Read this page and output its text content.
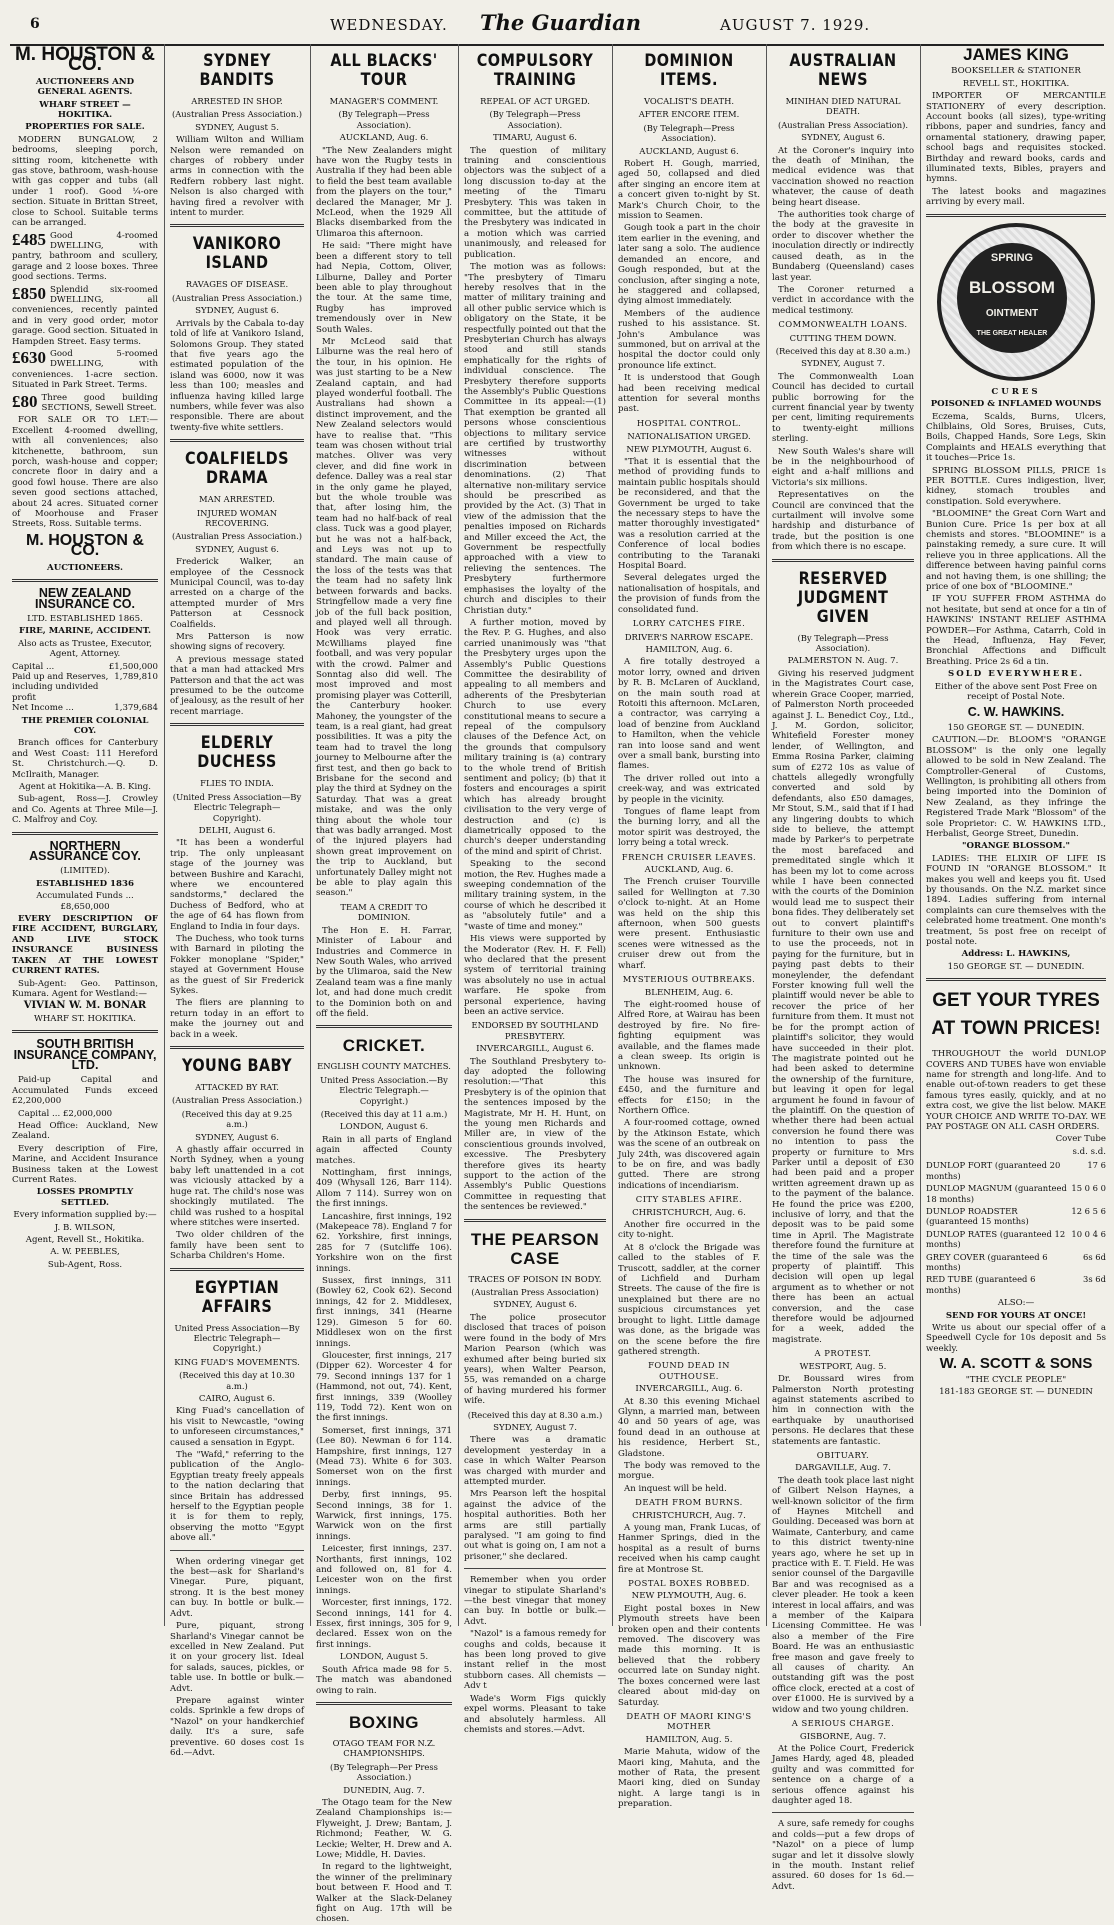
6	WEDNESDAY. The Guardian	AUGUST 7. 1929.
M. HOUSTON & CO.
AUCTIONEERS AND GENERAL AGENTS.
WHARF STREET — HOKITIKA.
PROPERTIES FOR SALE.

MODERN BUNGALOW, 2 bedrooms, sleeping porch, sitting room, kitchenette with gas stove, bathroom, wash-house with gas copper and tubs (all under 1 roof). Good ¼-ore section. Situate in Brittan Street, close to School. Suitable terms can be arranged.

£485 Good 4-roomed DWELLING, with pantry, bathroom and scullery, garage and 2 loose boxes. Three good sections. Terms.
£850 Splendid six-roomed DWELLING, all conveniences, recently painted and in very good order, motor garage. Good section. Situated in Hampden Street. Easy terms.
£630 Good 5-roomed DWELLING, with conveniences. 1-acre section. Situated in Park Street. Terms.
£80 Three good building SECTIONS, Sewell Street.

FOR SALE OR TO LET:—Excellent 4-roomed dwelling, with all conveniences; also kitchenette, bathroom, sun porch, wash-house and copper; concrete floor in dairy and a good fowl house. There are also seven good sections attached, about 24 acres. Situated corner of Moorhouse and Fraser Streets, Ross. Suitable terms.

M. HOUSTON & CO.
AUCTIONEERS.
NEW ZEALAND INSURANCE CO.
LTD. ESTABLISHED 1865.
FIRE, MARINE, ACCIDENT.
Also acts as Trustee, Executor, Agent, Attorney.
Capital ...	£1,500,000
Paid up and Reserves, including undivided profit
1,789,810
Net Income ...	1,379,684
THE PREMIER COLONIAL COY.

Branch offices for Canterbury and West Coast: 111 Hereford St. Christchurch.—Q. D. McIlraith, Manager.

Agent at Hokitika—A. B. King.

Sub-agent, Ross—J. Crowley and Co. Agents at Three Mile—J. C. Malfroy and Coy.

NORTHERN ASSURANCE COY.
(LIMITED).
ESTABLISHED 1836
Accumulated Funds ... £8,650,000

EVERY DESCRIPTION OF FIRE ACCIDENT, BURGLARY, AND LIVE STOCK INSURANCE BUSINESS TAKEN AT THE LOWEST CURRENT RATES.

Sub-Agent: Geo. Pattinson, Kumara. Agent for Westland:—

VIVIAN W. M. BONAR
WHARF ST. HOKITIKA.
SOUTH BRITISH INSURANCE COMPANY, LTD.

Paid-up Capital and Accumulated Funds exceed £2,200,000

Capital ... £2,000,000

Head Office: Auckland, New Zealand.

Every description of Fire, Marine, and Accident Insurance Business taken at the Lowest Current Rates.

LOSSES PROMPTLY SETTLED.
Every information supplied by:—
J. B. WILSON,
Agent, Revell St., Hokitika.
A. W. PEEBLES,
Sub-Agent, Ross.
SYDNEY BANDITS
ARRESTED IN SHOP.
(Australian Press Association.)
SYDNEY, August 5.

William Wilton and William Nelson were remanded on charges of robbery under arms in connection with the Redfern robbery last night. Nelson is also charged with having fired a revolver with intent to murder.

VANIKORO ISLAND
RAVAGES OF DISEASE.
(Australian Press Association.)
SYDNEY, August 6.

Arrivals by the Cabala to-day told of life at Vanikoro Island, Solomons Group. They stated that five years ago the estimated population of the island was 6000, now it was less than 100; measles and influenza having killed large numbers, while fever was also responsible. There are about twenty-five white settlers.

COALFIELDS DRAMA
MAN ARRESTED.
INJURED WOMAN RECOVERING.
(Australian Press Association.)
SYDNEY, August 6.

Frederick Walker, an employee of the Cessnock Municipal Council, was to-day arrested on a charge of the attempted murder of Mrs Patterson at Cessnock Coalfields.

Mrs Patterson is now showing signs of recovery.

A previous message stated that a man had attacked Mrs Patterson and that the act was presumed to be the outcome of jealousy, as the result of her recent marriage.

ELDERLY DUCHESS
FLIES TO INDIA.
(United Press Association—By Electric Telegraph—Copyright).
DELHI, August 6.

"It has been a wonderful trip. The only unpleasant stage of the journey was between Bushire and Karachi, where we encountered sandstorms," declared the Duchess of Bedford, who at the age of 64 has flown from England to India in four days.

The Duchess, who took turns with Barnard in piloting the Fokker monoplane "Spider," stayed at Government House as the guest of Sir Frederick Sykes.

The fliers are planning to return today in an effort to make the journey out and back in a week.

YOUNG BABY
ATTACKED BY RAT.
(Australian Press Association.)
(Received this day at 9.25 a.m.)
SYDNEY, August 6.

A ghastly affair occurred in North Sydney, when a young baby left unattended in a cot was viciously attacked by a huge rat. The child's nose was shockingly mutilated. The child was rushed to a hospital where stitches were inserted.

Two older children of the family have been sent to Scharba Children's Home.

EGYPTIAN AFFAIRS
United Press Association—By Electric Telegraph—Copyright.)
KING FUAD'S MOVEMENTS.
(Received this day at 10.30 a.m.)
CAIRO, August 6.

King Fuad's cancellation of his visit to Newcastle, "owing to unforeseen circumstances," caused a sensation in Egypt.

The "Wafd," referring to the publication of the Anglo-Egyptian treaty freely appeals to the nation declaring that since Britain has addressed herself to the Egyptian people it is for them to reply, observing the motto "Egypt above all."

When ordering vinegar get the best—ask for Sharland's Vinegar. Pure, piquant, strong. It is the best money can buy. In bottle or bulk.—Advt.

Pure, piquant, strong Sharland's Vinegar cannot be excelled in New Zealand. Put it on your grocery list. Ideal for salads, sauces, pickles, or table use. In bottle or bulk.—Advt.

Prepare against winter colds. Sprinkle a few drops of "Nazol" on your handkerchief daily. It's a sure, safe preventive. 60 doses cost 1s 6d.—Advt.

ALL BLACKS' TOUR
MANAGER'S COMMENT.
(By Telegraph—Press Association).
AUCKLAND, Aug. 6.

"The New Zealanders might have won the Rugby tests in Australia if they had been able to field the best team available from the players on the tour," declared the Manager, Mr J. McLeod, when the 1929 All Blacks disembarked from the Ulimaroa this afternoon.

He said: "There might have been a different story to tell had Nepia, Cottom, Oliver, Lilburne, Dalley and Porter been able to play throughout the tour. At the same time, Rugby has improved tremendously over in New South Wales.

Mr McLeod said that Lilburne was the real hero of the tour, in his opinion. He was just starting to be a New Zealand captain, and had played wonderful football. The Australians had shown a distinct improvement, and the New Zealand selectors would have to realise that. "This team was chosen without trial matches. Oliver was very clever, and did fine work in defence. Dalley was a real star in the only game he played, but the whole trouble was that, after losing him, the team had no half-back of real class. Tuck was a good player, but he was not a half-back, and Leys was not up to standard. The main cause of the loss of the tests was that the team had no safety link between forwards and backs. Stringfellow made a very fine job of the full back position, and played well all through. Hook was very erratic. McWilliams played fine football, and was very popular with the crowd. Palmer and Sonntag also did well. The most improved and most promising player was Cotterill, the Canterbury hooker. Mahoney, the youngster of the team, is a real giant, had great possibilities. It was a pity the team had to travel the long journey to Melbourne after the first test, and then go back to Brisbane for the second and play the third at Sydney on the Saturday. That was a great mistake, and was the only thing about the whole tour that was badly arranged. Most of the injured players had shown great improvement on the trip to Auckland, but unfortunately Dalley might not be able to play again this season."

TEAM A CREDIT TO DOMINION.

The Hon E. H. Farrar, Minister of Labour and Industries and Commerce in New South Wales, who arrived by the Ulimaroa, said the New Zealand team was a fine manly lot, and had done much credit to the Dominion both on and off the field.

CRICKET.
ENGLISH COUNTY MATCHES.
United Press Association.—By Electric Telegraph.—Copyright.)
(Received this day at 11 a.m.)
LONDON, August 6.

Rain in all parts of England again affected County matches.

Nottingham, first innings, 409 (Whysall 126, Barr 114). Allom 7 114). Surrey won on the first innings.

Lancashire, first innings, 192 (Makepeace 78). England 7 for 62. Yorkshire, first innings, 285 for 7 (Sutcliffe 106). Yorkshire won on the first innings.

Sussex, first innings, 311 (Bowley 62, Cook 62). Second innings, 42 for 2. Middlesex, first innings, 341 (Hearne 129). Gimeson 5 for 60. Middlesex won on the first innings.

Gloucester, first innings, 217 (Dipper 62). Worcester 4 for 79. Second innings 137 for 1 (Hammond, not out, 74). Kent, first innings, 339 (Woolley 119, Todd 72). Kent won on the first innings.

Somerset, first innings, 371 (Lee 80). Newman 6 for 114. Hampshire, first innings, 127 (Mead 73). White 6 for 303. Somerset won on the first innings.

Derby, first innings, 95. Second innings, 38 for 1. Warwick, first innings, 175. Warwick won on the first innings.

Leicester, first innings, 237. Northants, first innings, 102 and followed on, 81 for 4. Leicester won on the first innings.

Worcester, first innings, 172. Second innings, 141 for 4. Essex, first innings, 305 for 9, declared. Essex won on the first innings.

LONDON, August 5.

South Africa made 98 for 5. The match was abandoned owing to rain.

BOXING
OTAGO TEAM FOR N.Z. CHAMPIONSHIPS.
(By Telegraph—Per Press Association.)
DUNEDIN, Aug. 7.

The Otago team for the New Zealand Championships is:—Flyweight, J. Drew; Bantam, J. Richmond; Feather, W. G. Leckie; Welter, H. Drew and A. Lowe; Middle, H. Davies.

In regard to the lightweight, the winner of the preliminary bout between F. Hood and T. Walker at the Slack-Delaney fight on Aug. 17th will be chosen.

COMPULSORY TRAINING
REPEAL OF ACT URGED.
(By Telegraph—Press Association).
TIMARU, August 6.

The question of military training and conscientious objectors was the subject of a long discussion to-day at the meeting of the Timaru Presbytery. This was taken in committee, but the attitude of the Presbytery was indicated in a motion which was carried unanimously, and released for publication.

The motion was as follows: "The presbytery of Timaru hereby resolves that in the matter of military training and all other public service which is obligatory on the State, it be respectfully pointed out that the Presbyterian Church has always stood and still stands emphatically for the rights of individual conscience. The Presbytery therefore supports the Assembly's Public Questions Committee in its appeal:—(1) That exemption be granted all persons whose conscientious objections to military service are certified by trustworthy witnesses without discrimination between denominations. (2) That alternative non-military service should be prescribed as provided by the Act. (3) That in view of the admission that the penalties imposed on Richards and Miller exceed the Act, the Government be respectfully approached with a view to relieving the sentences. The Presbytery furthermore emphasises the loyalty of the church and disciples to their Christian duty."

A further motion, moved by the Rev. P. G. Hughes, and also carried unanimously was "that the Presbytery urges upon the Assembly's Public Questions Committee the desirability of appealing to all members and adherents of the Presbyterian Church to use every constitutional means to secure a repeal of the compulsory clauses of the Defence Act, on the grounds that compulsory military training is (a) contrary to the whole trend of British sentiment and policy; (b) that it fosters and encourages a spirit which has already brought civilisation to the very verge of destruction and (c) is diametrically opposed to the church's deeper understanding of the mind and spirit of Christ.

Speaking to the second motion, the Rev. Hughes made a sweeping condemnation of the military training system, in the course of which he described it as "absolutely futile" and a "waste of time and money."

His views were supported by the Moderator (Rev. H. F. Fell) who declared that the present system of territorial training was absolutely no use in actual warfare. He spoke from personal experience, having been an active service.

ENDORSED BY SOUTHLAND PRESBYTERY.
INVERCARGILL, August 6.

The Southland Presbytery to-day adopted the following resolution:—"That this Presbytery is of the opinion that the sentences imposed by the Magistrate, Mr H. H. Hunt, on the young men Richards and Miller are, in view of the conscientious grounds involved, excessive. The Presbytery therefore gives its hearty support to the action of the Assembly's Public Questions Committee in requesting that the sentences be reviewed."

THE PEARSON CASE
TRACES OF POISON IN BODY.
(Australian Press Association)
SYDNEY, August 6.

The police prosecutor disclosed that traces of poison were found in the body of Mrs Marion Pearson (which was exhumed after being buried six years), when Walter Pearson, 55, was remanded on a charge of having murdered his former wife.

(Received this day at 8.30 a.m.)
SYDNEY, August 7.

There was a dramatic development yesterday in a case in which Walter Pearson was charged with murder and attempted murder.

Mrs Pearson left the hospital against the advice of the hospital authorities. Both her arms are still partially paralysed. "I am going to find out what is going on, I am not a prisoner," she declared.

Remember when you order vinegar to stipulate Sharland's—the best vinegar that money can buy. In bottle or bulk.—Advt.

"Nazol" is a famous remedy for coughs and colds, because it has been long proved to give instant relief in the most stubborn cases. All chemists —Adv t

Wade's Worm Figs quickly expel worms. Pleasant to take and absolutely harmless. All chemists and stores.—Advt.

DOMINION ITEMS.
VOCALIST'S DEATH.
AFTER ENCORE ITEM.
(By Telegraph—Press Association).
AUCKLAND, August 6.

Robert H. Gough, married, aged 50, collapsed and died after singing an encore item at a concert given to-night by St. Mark's Church Choir, to the mission to Seamen.

Gough took a part in the choir item earlier in the evening, and later sang a solo. The audience demanded an encore, and Gough responded, but at the conclusion, after singing a note, he staggered and collapsed, dying almost immediately.

Members of the audience rushed to his assistance. St. John's Ambulance was summoned, but on arrival at the hospital the doctor could only pronounce life extinct.

It is understood that Gough had been receiving medical attention for several months past.

HOSPITAL CONTROL.
NATIONALISATION URGED.
NEW PLYMOUTH, August 6.

"That it is essential that the method of providing funds to maintain public hospitals should be reconsidered, and that the Government be urged to take the necessary steps to have the matter thoroughly investigated" was a resolution carried at the Conference of local bodies contributing to the Taranaki Hospital Board.

Several delegates urged the nationalisation of hospitals, and the provision of funds from the consolidated fund.

LORRY CATCHES FIRE.
DRIVER'S NARROW ESCAPE.
HAMILTON, Aug. 6.

A fire totally destroyed a motor lorry, owned and driven by R. B. McLaren of Auckland, on the main south road at Rotoiti this afternoon. McLaren, a contractor, was carrying a load of benzine from Auckland to Hamilton, when the vehicle ran into loose sand and went over a small bank, bursting into flames.

The driver rolled out into a creek-way, and was extricated by people in the vicinity.

Tongues of flame leapt from the burning lorry, and all the motor spirit was destroyed, the lorry being a total wreck.

FRENCH CRUISER LEAVES.
AUCKLAND, Aug. 6.

The French cruiser Tourville sailed for Wellington at 7.30 o'clock to-night. At an Home was held on the ship this afternoon, when 500 guests were present. Enthusiastic scenes were witnessed as the cruiser drew out from the wharf.

MYSTERIOUS OUTBREAKS.
BLENHEIM, Aug. 6.

The eight-roomed house of Alfred Rore, at Wairau has been destroyed by fire. No fire-fighting equipment was available, and the flames made a clean sweep. Its origin is unknown.

The house was insured for £450, and the furniture and effects for £150; in the Northern Office.

A four-roomed cottage, owned by the Atkinson Estate, which was the scene of an outbreak on July 24th, was discovered again to be on fire, and was badly gutted. There are strong indications of incendiarism.

CITY STABLES AFIRE.
CHRISTCHURCH, Aug. 6.

Another fire occurred in the city to-night.

At 8 o'clock the Brigade was called to the stables of F. Truscott, saddler, at the corner of Lichfield and Durham Streets. The cause of the fire is unexplained but there are no suspicious circumstances yet brought to light. Little damage was done, as the brigade was on the scene before the fire gathered strength.

FOUND DEAD IN OUTHOUSE.
INVERCARGILL, Aug. 6.

At 8.30 this evening Michael Glynn, a married man, between 40 and 50 years of age, was found dead in an outhouse at his residence, Herbert St., Gladstone.

The body was removed to the morgue.

An inquest will be held.

DEATH FROM BURNS.
CHRISTCHURCH, Aug. 7.

A young man, Frank Lucas, of Hanmer Springs, died in the hospital as a result of burns received when his camp caught fire at Montrose St.

POSTAL BOXES ROBBED.
NEW PLYMOUTH, Aug. 6.

Eight postal boxes in New Plymouth streets have been broken open and their contents removed. The discovery was made this morning. It is believed that the robbery occurred late on Sunday night. The boxes concerned were last cleared about mid-day on Saturday.

DEATH OF MAORI KING'S MOTHER
HAMILTON, Aug. 5.

Marie Mahuta, widow of the Maori king, Mahuta, and the mother of Rata, the present Maori king, died on Sunday night. A large tangi is in preparation.

AUSTRALIAN NEWS
MINIHAN DIED NATURAL DEATH.
(Australian Press Association).
SYDNEY, August 6.

At the Coroner's inquiry into the death of Minihan, the medical evidence was that vaccination showed no reaction whatever, the cause of death being heart disease.

The authorities took charge of the body at the gravesite in order to discover whether the inoculation directly or indirectly caused death, as in the Bundaberg (Queensland) cases last year.

The Coroner returned a verdict in accordance with the medical testimony.

COMMONWEALTH LOANS.
CUTTING THEM DOWN.
(Received this day at 8.30 a.m.)
SYDNEY, August 7.

The Commonwealth Loan Council has decided to curtail public borrowing for the current financial year by twenty per cent, limiting requirements to twenty-eight millions sterling.

New South Wales's share will be in the neighbourhood of eight and a-half millions and Victoria's six millions.

Representatives on the Council are convinced that the curtailment will involve some hardship and disturbance of trade, but the position is one from which there is no escape.

RESERVED JUDGMENT GIVEN
(By Telegraph—Press Association).
PALMERSTON N. Aug. 7.

Giving his reserved judgment in the Magistrates Court case, wherein Grace Cooper, married, of Palmerston North proceeded against J. L. Benedict Coy., Ltd., J. M. Gordon, solicitor, Whitefield Forester money lender, of Wellington, and Emma Rosina Parker, claiming sum of £272 10s as value of chattels allegedly wrongfully converted and sold by defendants, also £50 damages, Mr Stout, S.M., said that if I had any lingering doubts to which side to believe, the attempt made by Parker's to perpetrate the most barefaced and premeditated single which it has been my lot to come across while I have been connected with the courts of the Dominion would lead me to suspect their bona fides. They deliberately set out to convert plaintiff's furniture to their own use and to use the proceeds, not in paying for the furniture, but in paying past debts to their moneylender, the defendant Forster knowing full well the plaintiff would never be able to recover the price of her furniture from them. It must not be for the prompt action of plaintiff's solicitor, they would have succeeded in their plot. The magistrate pointed out he had been asked to determine the ownership of the furniture, but leaving it open for legal argument he found in favour of the plaintiff. On the question of whether there had been actual conversion he found there was no intention to pass the property or furniture to Mrs Parker until a deposit of £30 had been paid and a proper written agreement drawn up as to the payment of the balance. He found the price was £200, inclusive of lorry, and that the deposit was to be paid some time in April. The Magistrate therefore found the furniture at the time of the sale was the property of plaintiff. This decision will open up legal argument as to whether or not there has been an actual conversion, and the case therefore would be adjourned for a week, added the magistrate.

A PROTEST.
WESTPORT, Aug. 5.

Dr. Boussard wires from Palmerston North protesting against statements ascribed to him in connection with the earthquake by unauthorised persons. He declares that these statements are fantastic.

OBITUARY.
DARGAVILLE, Aug. 7.

The death took place last night of Gilbert Nelson Haynes, a well-known solicitor of the firm of Haynes Mitchell and Goulding. Deceased was born at Waimate, Canterbury, and came to this district twenty-nine years ago, where he set up in practice with E. T. Field. He was senior counsel of the Dargaville Bar and was recognised as a clever pleader. He took a keen interest in local affairs, and was a member of the Kaipara Licensing Committee. He was also a member of the Fire Board. He was an enthusiastic free mason and gave freely to all causes of charity. An outstanding gift was the post office clock, erected at a cost of over £1000. He is survived by a widow and two young children.

A SERIOUS CHARGE.
GISBORNE, Aug. 7.

At the Police Court, Frederick James Hardy, aged 48, pleaded guilty and was committed for sentence on a charge of a serious offence against his daughter aged 18.

A sure, safe remedy for coughs and colds—put a few drops of "Nazol" on a piece of lump sugar and let it dissolve slowly in the mouth. Instant relief assured. 60 doses for 1s 6d.—Advt.

JAMES KING
BOOKSELLER & STATIONER
REVELL ST., HOKITIKA.

IMPORTER OF MERCANTILE STATIONERY of every description. Account books (all sizes), type-writing ribbons, paper and sundries, fancy and ornamental stationery, drawing paper, school bags and requisites stocked. Birthday and reward books, cards and illuminated texts, Bibles, prayers and hymns.

The latest books and magazines arriving by every mail.

SPRING
BLOSSOM
OINTMENT
THE GREAT HEALER
CURES
POISONED & INFLAMED WOUNDS

Eczema, Scalds, Burns, Ulcers, Chilblains, Old Sores, Bruises, Cuts, Boils, Chapped Hands, Sore Legs, Skin Complaints and HEALS everything that it touches—Price 1s.

SPRING BLOSSOM PILLS, PRICE 1s PER BOTTLE. Cures indigestion, liver, kidney, stomach troubles and constipation. Sold everywhere.

"BLOOMINE" the Great Corn Wart and Bunion Cure. Price 1s per box at all chemists and stores. "BLOOMINE" is a painstaking remedy, a sure cure. It will relieve you in three applications. All the difference between having painful corns and not having them, is one shilling; the price of one box of "BLOOMINE."

IF YOU SUFFER FROM ASTHMA do not hesitate, but send at once for a tin of HAWKINS' INSTANT RELIEF ASTHMA POWDER—For Asthma, Catarrh, Cold in the Head, Influenza, Hay Fever, Bronchial Affections and Difficult Breathing. Price 2s 6d a tin.

SOLD EVERYWHERE.
Either of the above sent Post Free on receipt of Postal Note.
C. W. HAWKINS.
150 GEORGE ST. — DUNEDIN.

CAUTION.—Dr. BLOOM'S "ORANGE BLOSSOM" is the only one legally allowed to be sold in New Zealand. The Comptroller-General of Customs, Wellington, is prohibiting all others from being imported into the Dominion of New Zealand, as they infringe the Registered Trade Mark "Blossom" of the sole Proprietor: C. W. HAWKINS LTD., Herbalist, George Street, Dunedin.

"ORANGE BLOSSOM."

LADIES: THE ELIXIR OF LIFE IS FOUND IN "ORANGE BLOSSOM." It makes you well and keeps you fit. Used by thousands. On the N.Z. market since 1894. Ladies suffering from internal complaints can cure themselves with the celebrated home treatment. One month's treatment, 5s post free on receipt of postal note.

Address: L. HAWKINS,
150 GEORGE ST. — DUNEDIN.
GET YOUR TYRES AT TOWN PRICES!

THROUGHOUT the world DUNLOP COVERS AND TUBES have won enviable name for strength and long-life. And to enable out-of-town readers to get these famous tyres easily, quickly, and at no extra cost, we give the list below. MAKE YOUR CHOICE AND WRITE TO-DAY. WE PAY POSTAGE ON ALL CASH ORDERS.

Cover Tube
s.d. s.d.
DUNLOP FORT (guaranteed 20 months)	17 6
DUNLOP MAGNUM (guaranteed 18 months)	15 0 6 0
DUNLOP ROADSTER (guaranteed 15 months)	12 6 5 6
DUNLOP RATES (guaranteed 12 months)	10 0 4 6
GREY COVER (guaranteed 6 months)	6s 6d
RED TUBE (guaranteed 6 months)	3s 6d
ALSO:—
SEND FOR YOURS AT ONCE!

Write us about our special offer of a Speedwell Cycle for 10s deposit and 5s weekly.

W. A. SCOTT & SONS
"THE CYCLE PEOPLE"
181-183 GEORGE ST. — DUNEDIN
